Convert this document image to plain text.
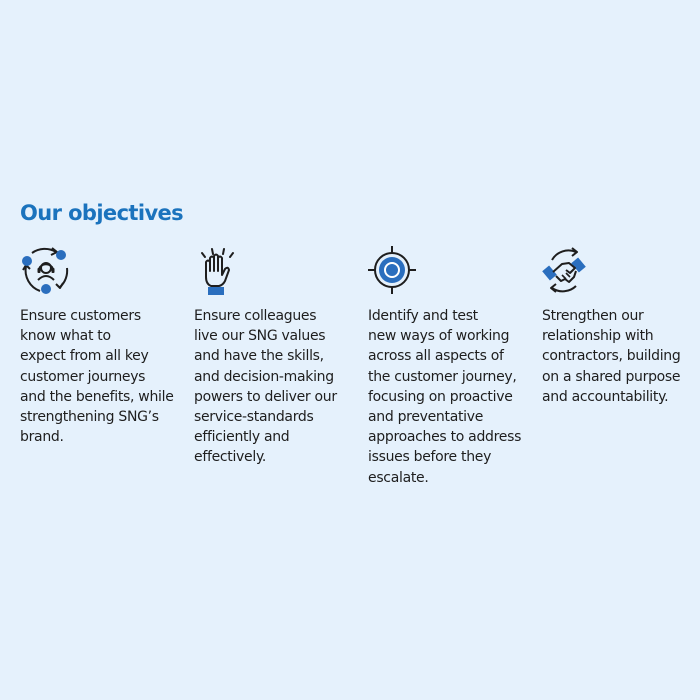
Our objectives

Ensure customers
know what to
expect from all key
customer journeys
and the benefits, while
strengthening SNG’s
brand.

Ensure colleagues
live our SNG values
and have the skills,
and decision-making
powers to deliver our
service-standards
efficiently and
effectively.

Identify and test
new ways of working
across all aspects of
the customer journey,
focusing on proactive
and preventative
approaches to address
issues before they
escalate.

Strengthen our
relationship with
contractors, building
on a shared purpose
and accountability.
